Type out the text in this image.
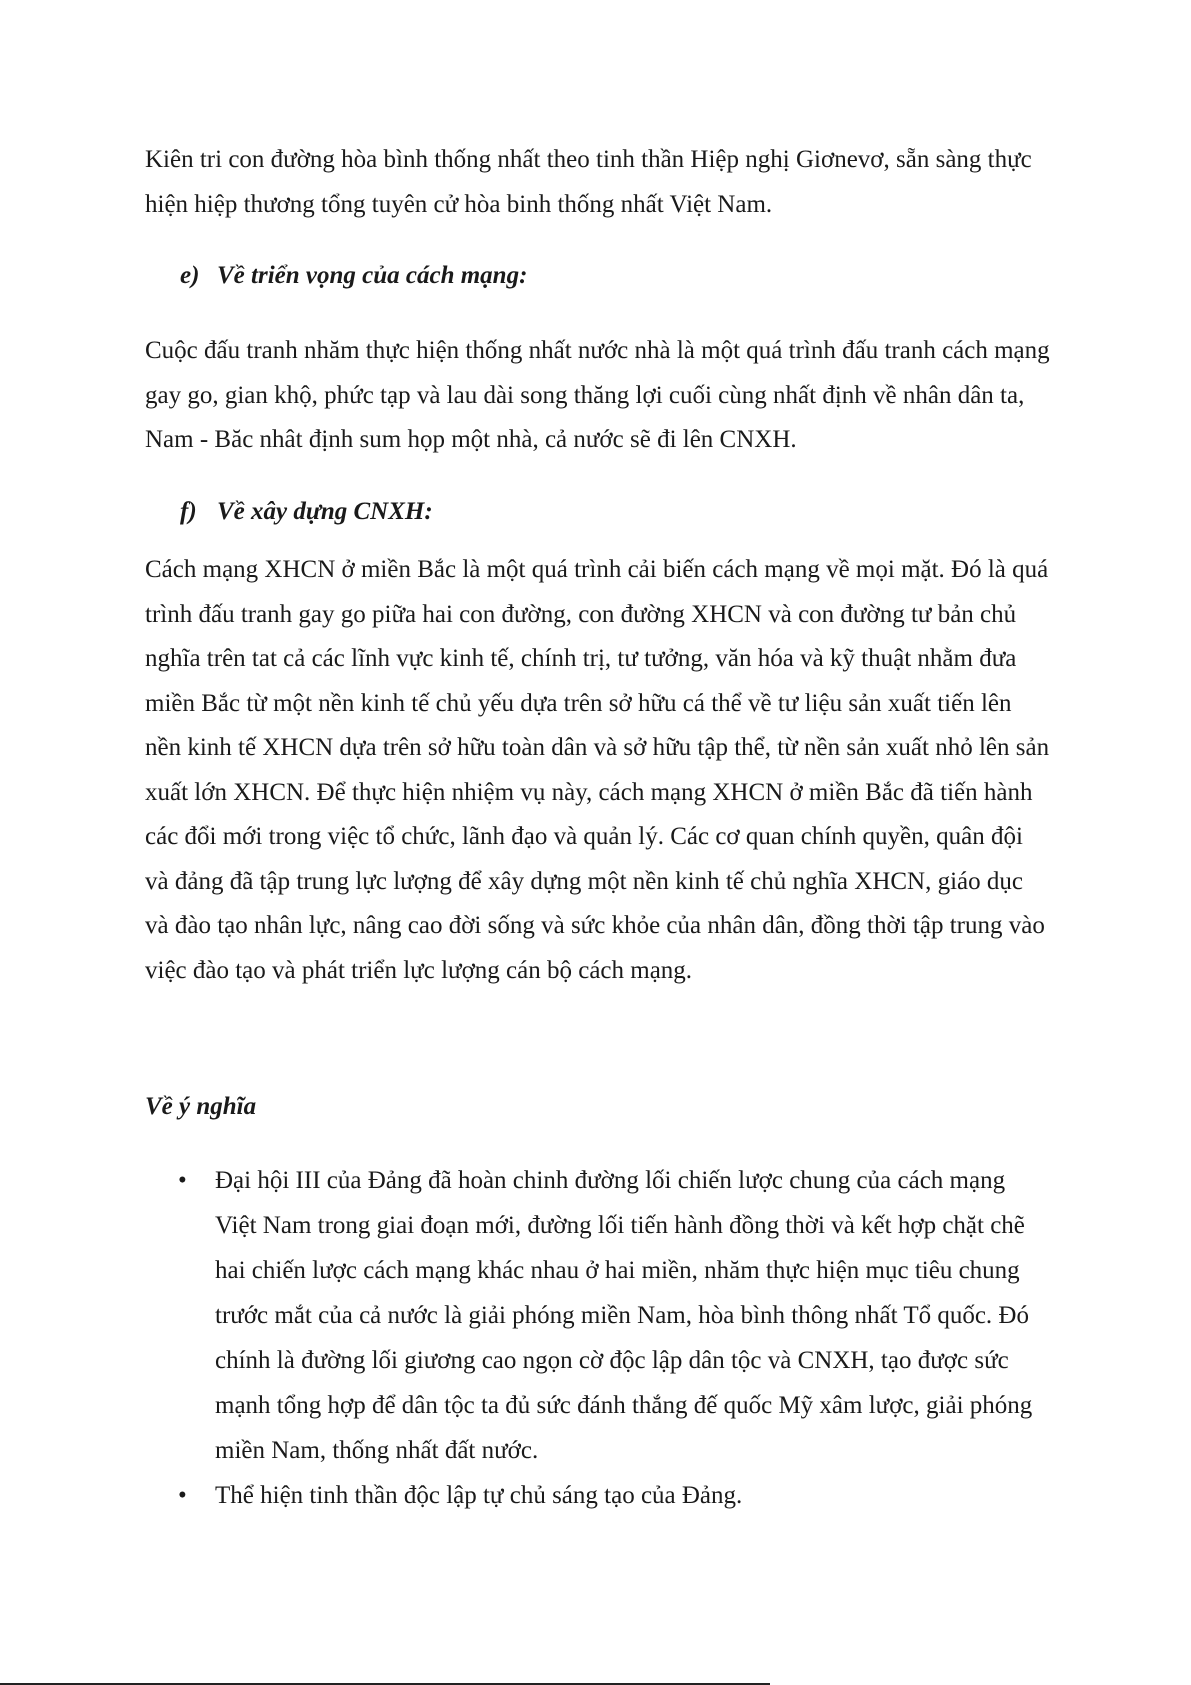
Kiên tri con đường hòa bình thống nhất theo tinh thần Hiệp nghị Giơnevơ, sẵn sàng thực hiện hiệp thương tổng tuyên cử hòa binh thống nhất Việt Nam.

e) Về triển vọng của cách mạng:

Cuộc đấu tranh nhăm thực hiện thống nhất nước nhà là một quá trình đấu tranh cách mạng gay go, gian khộ, phức tạp và lau dài song thăng lợi cuối cùng nhất định về nhân dân ta, Nam - Băc nhât định sum họp một nhà, cả nước sẽ đi lên CNXH.

f) Về xây dựng CNXH:

Cách mạng XHCN ở miền Bắc là một quá trình cải biến cách mạng về mọi mặt. Đó là quá trình đấu tranh gay go piữa hai con đường, con đường XHCN và con đường tư bản chủ nghĩa trên tat cả các lĩnh vực kinh tế, chính trị, tư tưởng, văn hóa và kỹ thuật nhằm đưa miền Bắc từ một nền kinh tế chủ yếu dựa trên sở hữu cá thể về tư liệu sản xuất tiến lên nền kinh tế XHCN dựa trên sở hữu toàn dân và sở hữu tập thể, từ nền sản xuất nhỏ lên sản xuất lớn XHCN. Để thực hiện nhiệm vụ này, cách mạng XHCN ở miền Bắc đã tiến hành các đổi mới trong việc tổ chức, lãnh đạo và quản lý. Các cơ quan chính quyền, quân đội và đảng đã tập trung lực lượng để xây dựng một nền kinh tế chủ nghĩa XHCN, giáo dục và đào tạo nhân lực, nâng cao đời sống và sức khỏe của nhân dân, đồng thời tập trung vào việc đào tạo và phát triển lực lượng cán bộ cách mạng.

Về ý nghĩa
• Đại hội III của Đảng đã hoàn chinh đường lối chiến lược chung của cách mạng Việt Nam trong giai đoạn mới, đường lối tiến hành đồng thời và kết hợp chặt chẽ hai chiến lược cách mạng khác nhau ở hai miền, nhăm thực hiện mục tiêu chung trước mắt của cả nước là giải phóng miền Nam, hòa bình thông nhất Tổ quốc. Đó chính là đường lối giương cao ngọn cờ độc lập dân tộc và CNXH, tạo được sức mạnh tổng hợp để dân tộc ta đủ sức đánh thắng đế quốc Mỹ xâm lược, giải phóng miền Nam, thống nhất đất nước.
• Thể hiện tinh thần độc lập tự chủ sáng tạo của Đảng.
